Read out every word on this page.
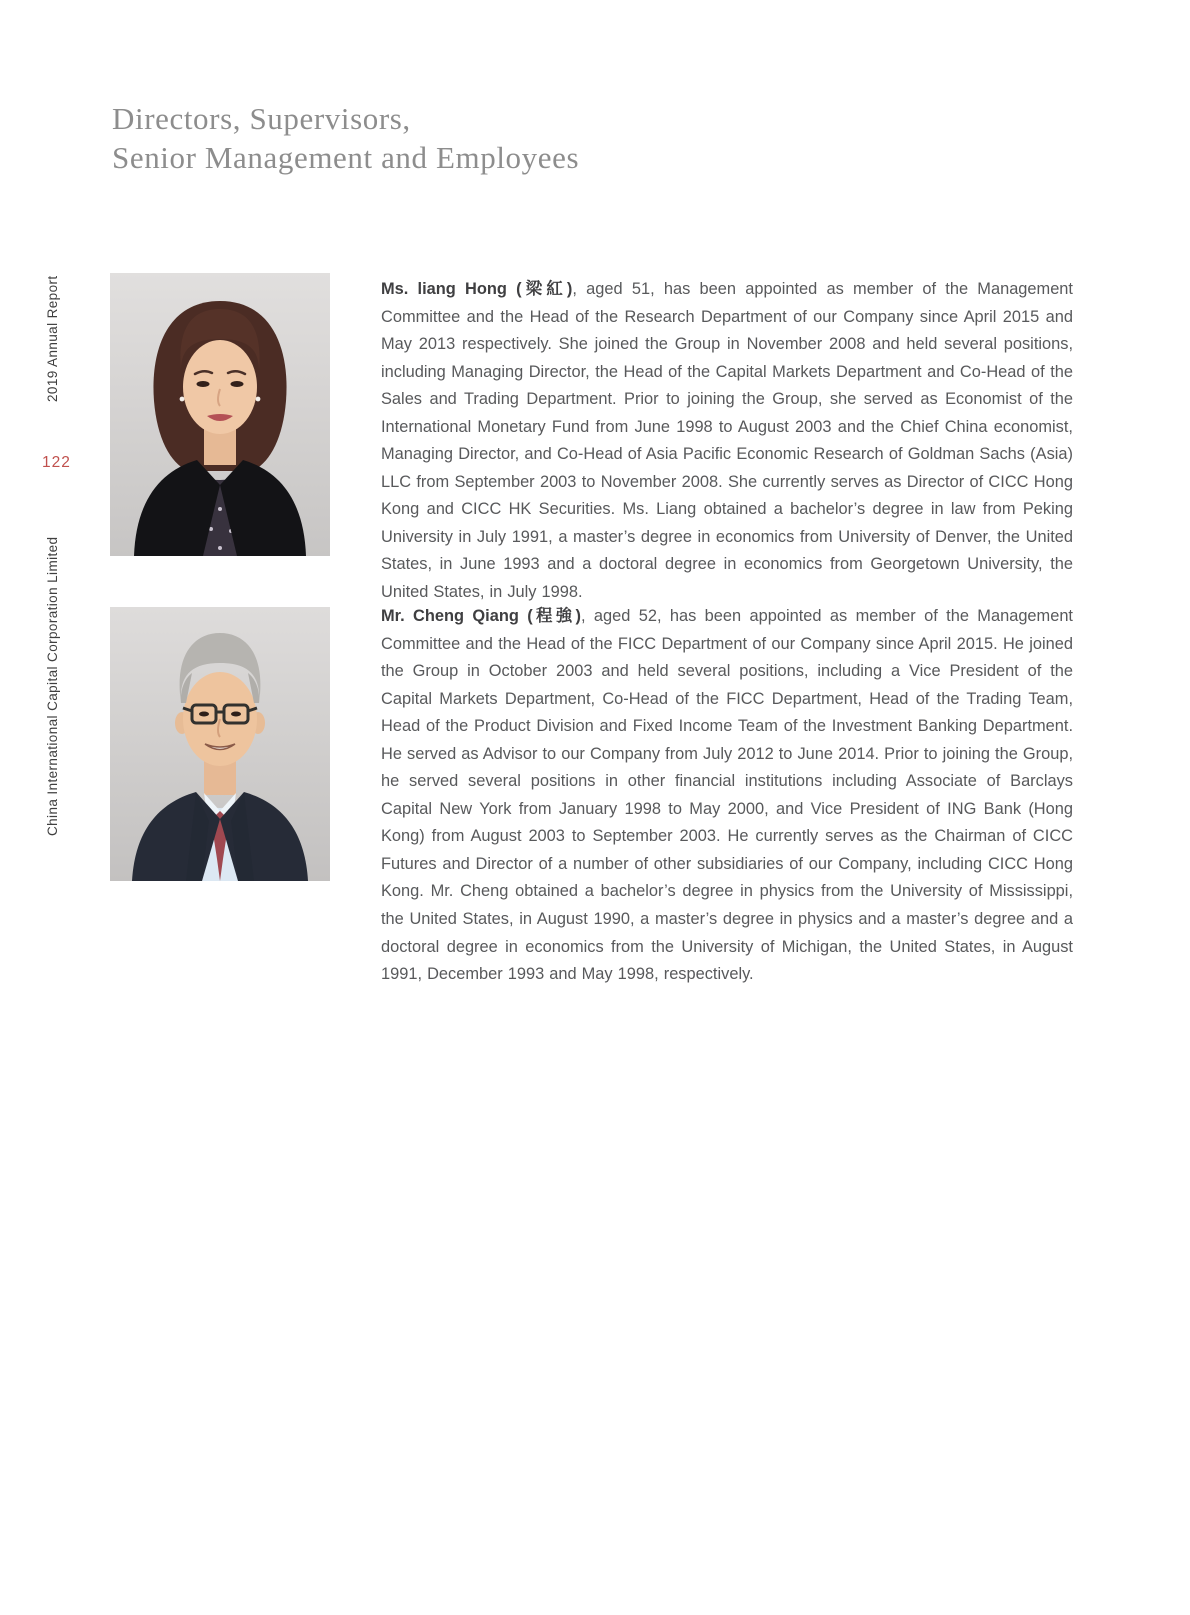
Directors, Supervisors,
Senior Management and Employees
2019 Annual Report
122
China International Capital Corporation Limited

Ms. liang Hong (梁紅), aged 51, has been appointed as member of the Management Committee and the Head of the Research Department of our Company since April 2015 and May 2013 respectively. She joined the Group in November 2008 and held several positions, including Managing Director, the Head of the Capital Markets Department and Co-Head of the Sales and Trading Department. Prior to joining the Group, she served as Economist of the International Monetary Fund from June 1998 to August 2003 and the Chief China economist, Managing Director, and Co-Head of Asia Pacific Economic Research of Goldman Sachs (Asia) LLC from September 2003 to November 2008. She currently serves as Director of CICC Hong Kong and CICC HK Securities. Ms. Liang obtained a bachelor’s degree in law from Peking University in July 1991, a master’s degree in economics from University of Denver, the United States, in June 1993 and a doctoral degree in economics from Georgetown University, the United States, in July 1998.

Mr. Cheng Qiang (程強), aged 52, has been appointed as member of the Management Committee and the Head of the FICC Department of our Company since April 2015. He joined the Group in October 2003 and held several positions, including a Vice President of the Capital Markets Department, Co-Head of the FICC Department, Head of the Trading Team, Head of the Product Division and Fixed Income Team of the Investment Banking Department. He served as Advisor to our Company from July 2012 to June 2014. Prior to joining the Group, he served several positions in other financial institutions including Associate of Barclays Capital New York from January 1998 to May 2000, and Vice President of ING Bank (Hong Kong) from August 2003 to September 2003. He currently serves as the Chairman of CICC Futures and Director of a number of other subsidiaries of our Company, including CICC Hong Kong. Mr. Cheng obtained a bachelor’s degree in physics from the University of Mississippi, the United States, in August 1990, a master’s degree in physics and a master’s degree and a doctoral degree in economics from the University of Michigan, the United States, in August 1991, December 1993 and May 1998, respectively.
